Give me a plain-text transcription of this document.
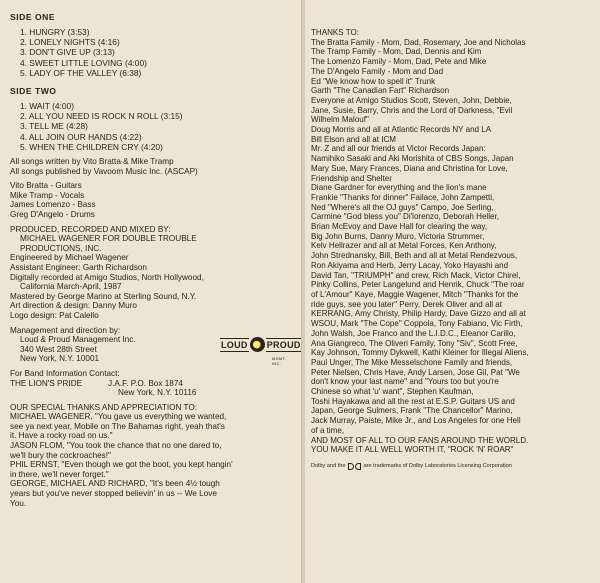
SIDE ONE
1. HUNGRY (3:53)
2. LONELY NIGHTS (4:16)
3. DON'T GIVE UP (3:13)
4. SWEET LITTLE LOVING (4:00)
5. LADY OF THE VALLEY (6:38)
SIDE TWO
1. WAIT (4:00)
2. ALL YOU NEED IS ROCK N ROLL (3:15)
3. TELL ME (4:28)
4. ALL JOIN OUR HANDS (4:22)
5. WHEN THE CHILDREN CRY (4:20)
All songs written by Vito Bratta & Mike Tramp
All songs published by Vavoom Music Inc. (ASCAP)
Vito Bratta - Guitars
Mike Tramp - Vocals
James Lomenzo - Bass
Greg D'Angelo - Drums
PRODUCED, RECORDED AND MIXED BY:
MICHAEL WAGENER FOR DOUBLE TROUBLE
PRODUCTIONS, INC.
Engineered by Michael Wagener
Assistant Engineer: Garth Richardson
Digitally recorded at Amigo Studios, North Hollywood,
California March-April, 1987
Mastered by George Marino at Sterling Sound, N.Y.
Art direction & design: Danny Muro
Logo design: Pat Calello
Management and direction by:
Loud & Proud Management Inc.
340 West 28th Street
New York, N.Y. 10001
LOUD ♌ PROUD
MGMT. INC.
For Band Information Contact:
THE LION'S PRIDE	J.A.F. P.O. Box 1874
New York, N.Y. 10116
OUR SPECIAL THANKS AND APPRECIATION TO:
MICHAEL WAGENER, "You gave us everything we wanted,
see ya next year, Mobile on The Bahamas right, yeah that's
it. Have a rocky road on us."
JASON FLOM, "You took the chance that no one dared to,
we'll bury the cockroaches!"
PHIL ERNST, "Even though we got the boot, you kept hangin'
in there, we'll never forget."
GEORGE, MICHAEL AND RICHARD, "It's been 4½ tough
years but you've never stopped believin' in us -- We Love
You.
THANKS TO:
The Bratta Family - Mom, Dad, Rosemary, Joe and Nicholas
The Tramp Family - Mom, Dad, Dennis and Kim
The Lomenzo Family - Mom, Dad, Pete and Mike
The D'Angelo Family - Mom and Dad
Ed "We know how to spell it" Trunk
Garth "The Canadian Fart" Richardson
Everyone at Amigo Studios Scott, Steven, John, Debbie,
Jane, Susie, Barry, Chris and the Lord of Darkness, "Evil
Wilhelm Malouf"
Doug Morris and all at Atlantic Records NY and LA
Bill Elson and all at ICM
Mr. Z and all our friends at Victor Records Japan:
Namihiko Sasaki and Aki Morishita of CBS Songs, Japan
Mary Sue, Mary Frances, Diana and Christina for Love,
Friendship and Shelter
Diane Gardner for everything and the lion's mane
Frankie "Thanks for dinner" Failace, John Zampetti,
Ned "Where's all the OJ guys" Campo, Joe Serling,
Carmine "God bless you" Di'lorenzo, Deborah Heller,
Brian McEvoy and Dave Hall for clearing the way,
Big John Burns, Danny Muro, Victoria Strummer,
Kelv Hellrazer and all at Metal Forces, Ken Anthony,
John Strednansky, Bill, Beth and all at Metal Rendezvous,
Ron Akiyama and Herb, Jerry Lacay, Yoko Hayashi and
David Tan, "TRIUMPH" and crew, Rich Mack, Victor Chirel,
Pinky Collins, Peter Langelund and Henrik, Chuck "The roar
of L'Amour" Kaye, Maggie Wagener, Mitch "Thanks for the
ride guys, see you later" Perry, Derek Oliver and all at
KERRANG, Amy Christy, Philip Hardy, Dave Gizzo and all at
WSOU, Mark "The Cope" Coppola, Tony Fabiano, Vic Firth,
John Walsh, Joe Franco and the L.I.D.C., Eleanor Carillo,
Ana Giangreco, The Oliveri Family, Tony "Siv", Scott Free,
Kay Johnson, Tommy Dykwell, Kathi Kleiner for Illegal Aliens,
Paul Unger, The Mike Messelschone Family and friends,
Peter Nielsen, Chris Have, Andy Larsen, Jose Gil, Pat "We
don't know your last name" and "Yours too but you're
Chinese so what 'u' want", Stephen Kaufman,
Toshi Hayakawa and all the rest at E.S.P. Guitars US and
Japan, George Sulmers, Frank "The Chancellor" Marino,
Jack Murray, Paiste, Mike Jr., and Los Angeles for one Hell
of a time,
AND MOST OF ALL TO OUR FANS AROUND THE WORLD.
YOU MAKE IT ALL WELL WORTH IT, "ROCK 'N' ROAR"
Dolby and the	are trademarks of Dolby Laboratories Licensing Corporation
